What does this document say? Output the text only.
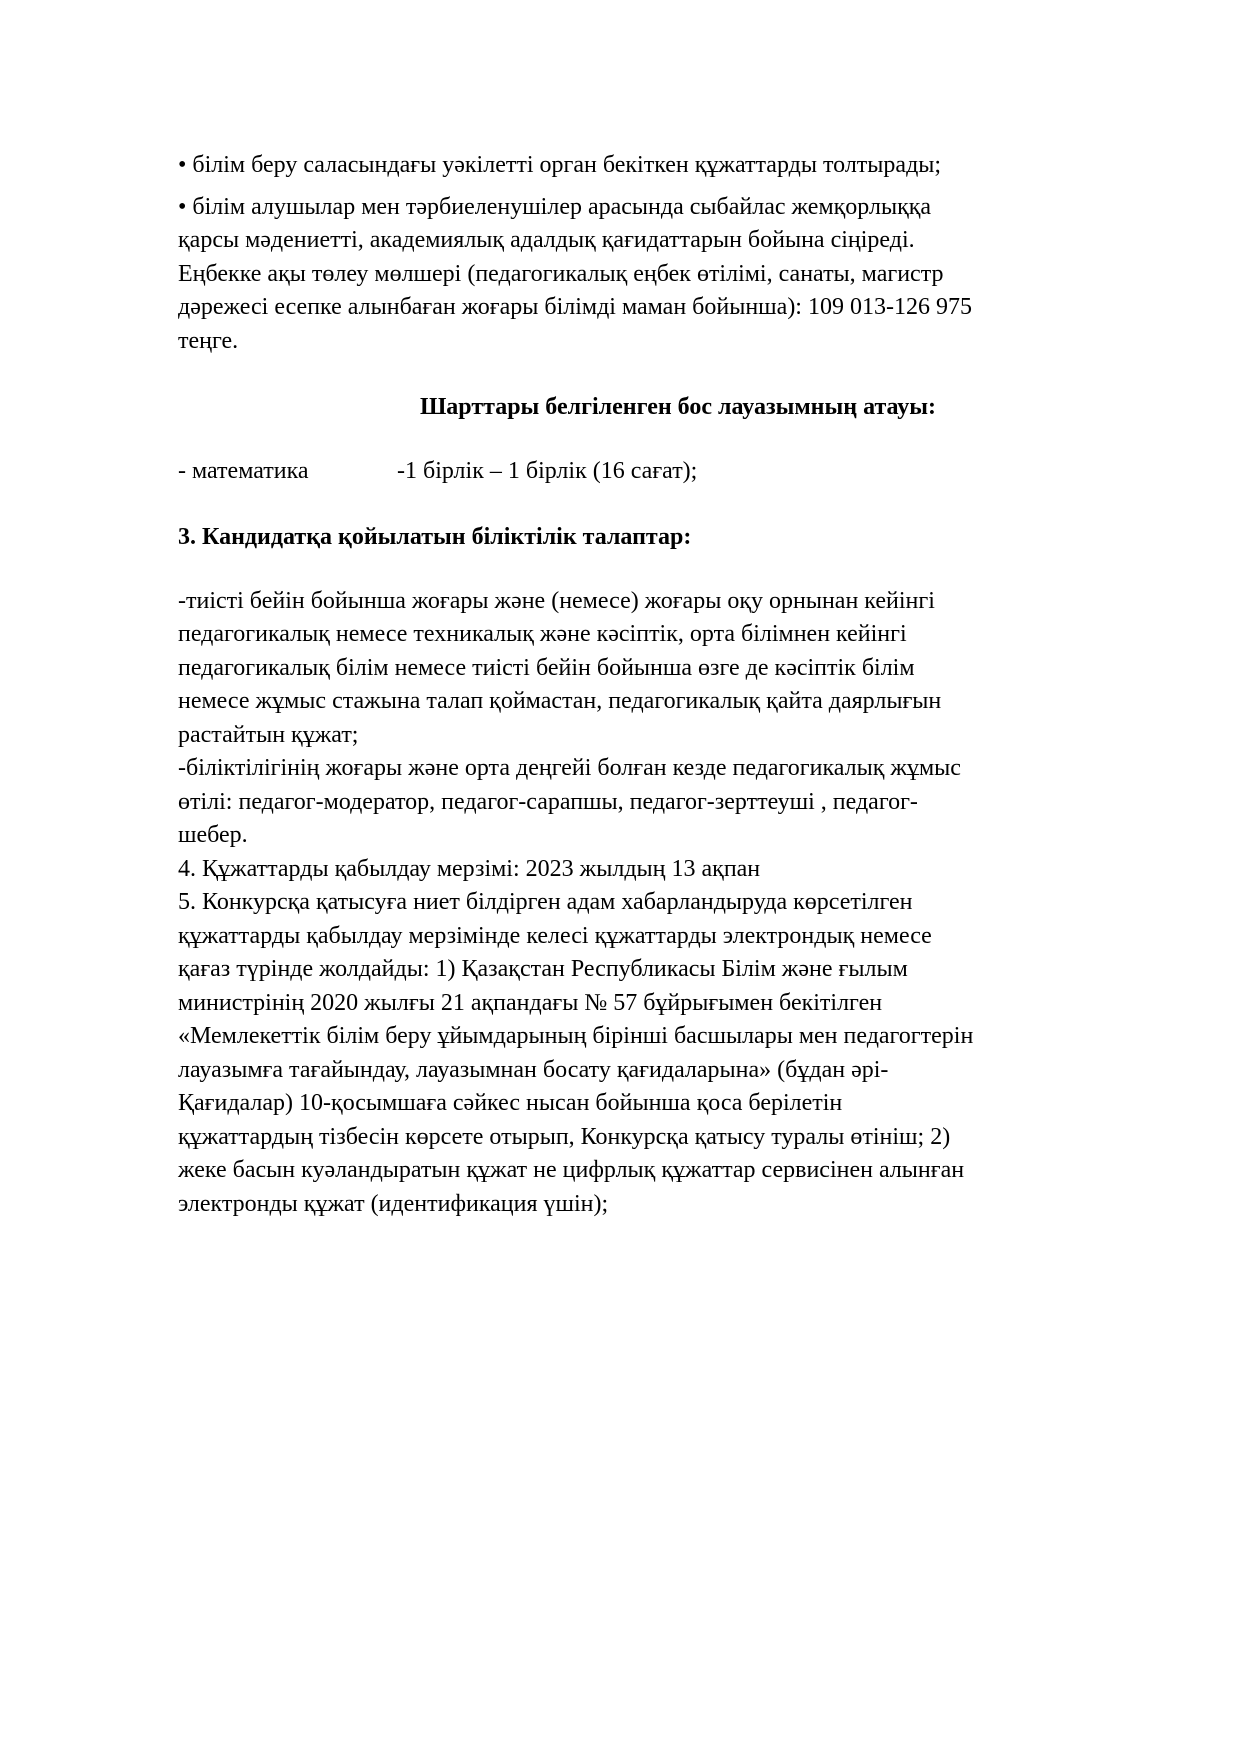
• білім беру саласындағы уәкілетті орган бекіткен құжаттарды толтырады;
• білім алушылар мен тәрбиеленушілер арасында сыбайлас жемқорлыққа
қарсы мәдениетті, академиялық адалдық қағидаттарын бойына сіңіреді.
Еңбекке ақы төлеу мөлшері (педагогикалық еңбек өтілімі, санаты, магистр
дәрежесі есепке алынбаған жоғары білімді маман бойынша): 109 013-126 975
теңге.
Шарттары белгіленген бос лауазымның атауы:
- математика	-1 бірлік – 1 бірлік (16 сағат);
3. Кандидатқа қойылатын біліктілік талаптар:
-тиісті бейін бойынша жоғары және (немесе) жоғары оқу орнынан кейінгі
педагогикалық немесе техникалық және кәсіптік, орта білімнен кейінгі
педагогикалық білім немесе тиісті бейін бойынша өзге де кәсіптік білім
немесе жұмыс стажына талап қоймастан, педагогикалық қайта даярлығын
растайтын құжат;
-біліктілігінің жоғары және орта деңгейі болған кезде педагогикалық жұмыс
өтілі: педагог-модератор, педагог-сарапшы, педагог-зерттеуші , педагог-
шебер.
4. Құжаттарды қабылдау мерзімі: 2023 жылдың 13 ақпан
5. Конкурсқа қатысуға ниет білдірген адам хабарландыруда көрсетілген
құжаттарды қабылдау мерзімінде келесі құжаттарды электрондық немесе
қағаз түрінде жолдайды: 1) Қазақстан Республикасы Білім және ғылым
министрінің 2020 жылғы 21 ақпандағы № 57 бұйрығымен бекітілген
«Мемлекеттік білім беру ұйымдарының бірінші басшылары мен педагогтерін
лауазымға тағайындау, лауазымнан босату қағидаларына» (бұдан әрі-
Қағидалар) 10-қосымшаға сәйкес нысан бойынша қоса берілетін
құжаттардың тізбесін көрсете отырып, Конкурсқа қатысу туралы өтініш; 2)
жеке басын куәландыратын құжат не цифрлық құжаттар сервисінен алынған
электронды құжат (идентификация үшін);
